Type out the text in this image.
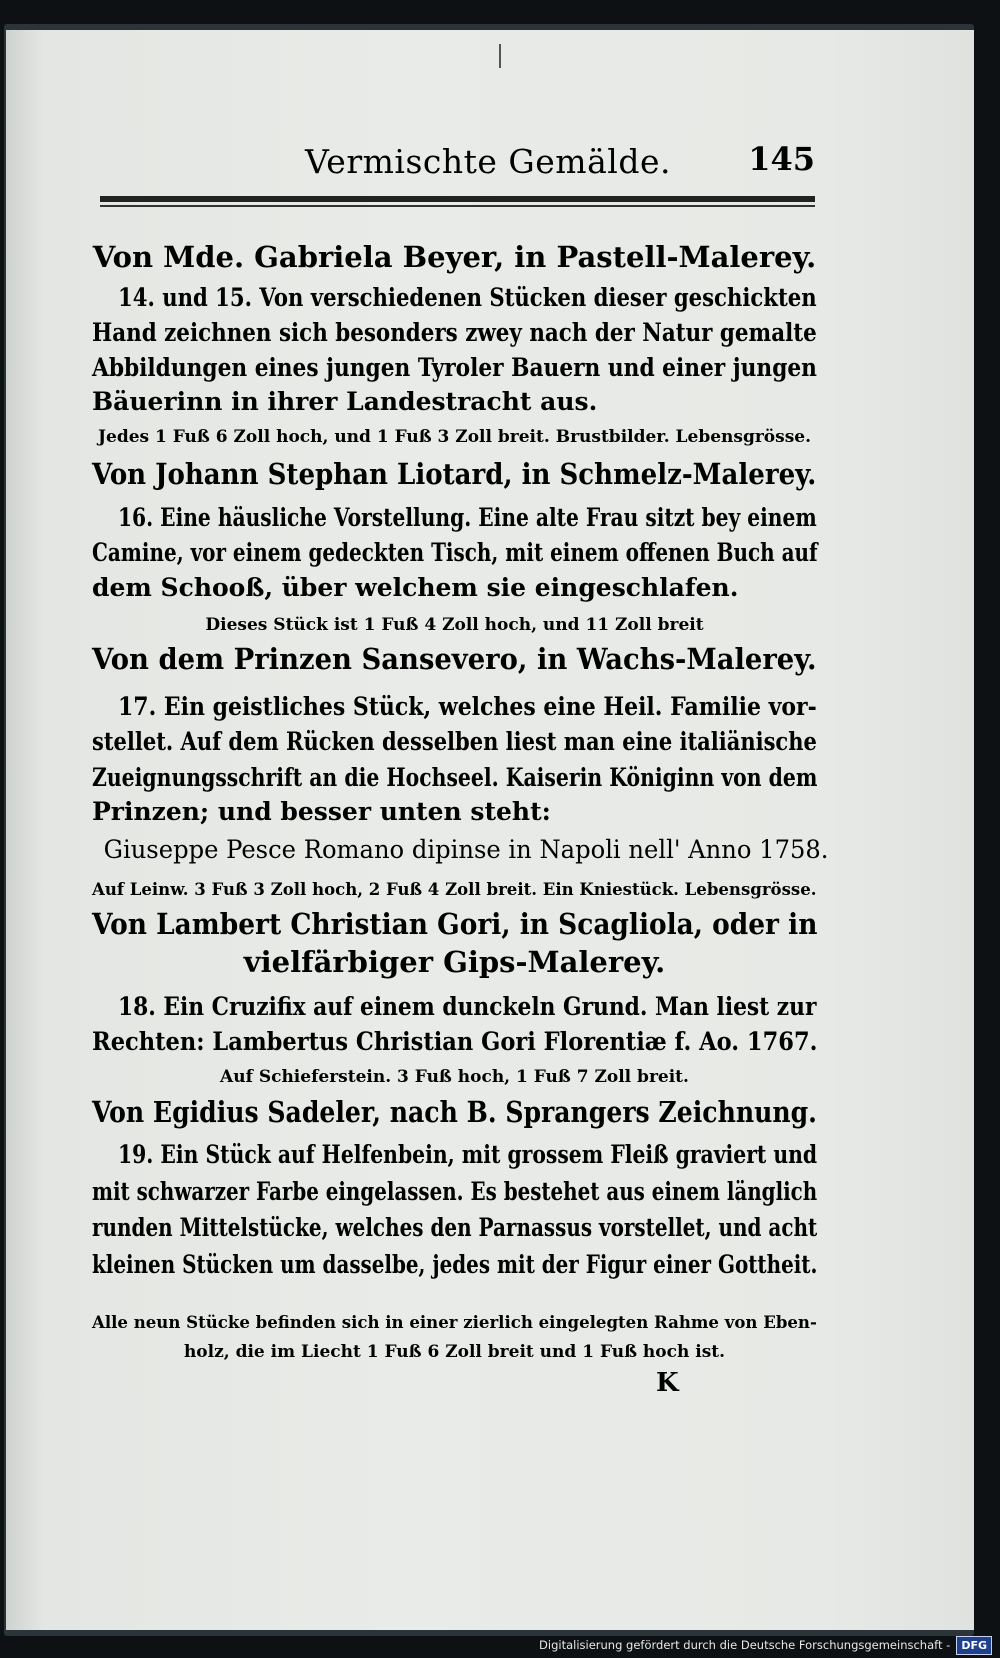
Vermischte Gemälde. 145
Von Mde. Gabriela Beyer, in Pastell-Malerey.
14. und 15. Von verschiedenen Stücken dieser geschickten
Hand zeichnen sich besonders zwey nach der Natur gemalte
Abbildungen eines jungen Tyroler Bauern und einer jungen
Bäuerinn in ihrer Landestracht aus.
Jedes 1 Fuß 6 Zoll hoch, und 1 Fuß 3 Zoll breit. Brustbilder. Lebensgrösse.
Von Johann Stephan Liotard, in Schmelz-Malerey.
16. Eine häusliche Vorstellung. Eine alte Frau sitzt bey einem
Camine, vor einem gedeckten Tisch, mit einem offenen Buch auf
dem Schooß, über welchem sie eingeschlafen.
Dieses Stück ist 1 Fuß 4 Zoll hoch, und 11 Zoll breit
Von dem Prinzen Sansevero, in Wachs-Malerey.
17. Ein geistliches Stück, welches eine Heil. Familie vor-
stellet. Auf dem Rücken desselben liest man eine italiänische
Zueignungsschrift an die Hochseel. Kaiserin Königinn von dem
Prinzen; und besser unten steht:
Giuseppe Pesce Romano dipinse in Napoli nell' Anno 1758.
Auf Leinw. 3 Fuß 3 Zoll hoch, 2 Fuß 4 Zoll breit. Ein Kniestück. Lebensgrösse.
Von Lambert Christian Gori, in Scagliola, oder in
vielfärbiger Gips-Malerey.
18. Ein Cruzifix auf einem dunckeln Grund. Man liest zur
Rechten: Lambertus Christian Gori Florentiæ f. Ao. 1767.
Auf Schieferstein. 3 Fuß hoch, 1 Fuß 7 Zoll breit.
Von Egidius Sadeler, nach B. Sprangers Zeichnung.
19. Ein Stück auf Helfenbein, mit grossem Fleiß graviert und
mit schwarzer Farbe eingelassen. Es bestehet aus einem länglich
runden Mittelstücke, welches den Parnassus vorstellet, und acht
kleinen Stücken um dasselbe, jedes mit der Figur einer Gottheit.
Alle neun Stücke befinden sich in einer zierlich eingelegten Rahme von Eben-
holz, die im Liecht 1 Fuß 6 Zoll breit und 1 Fuß hoch ist.
K
Digitalisierung gefördert durch die Deutsche Forschungsgemeinschaft -	DFG
